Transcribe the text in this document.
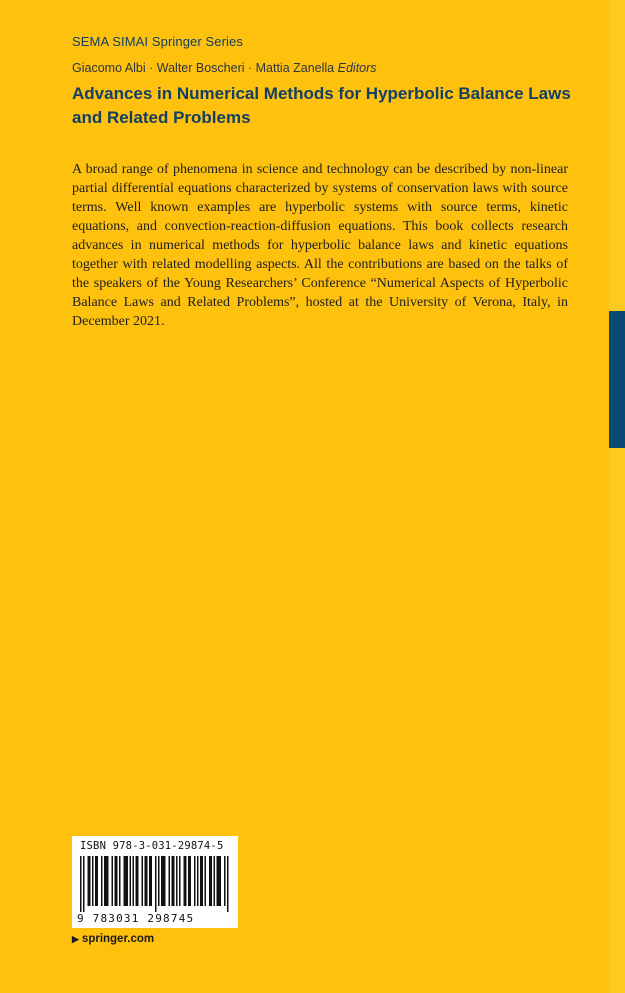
SEMA SIMAI Springer Series
Giacomo Albi · Walter Boscheri · Mattia Zanella Editors
Advances in Numerical Methods for Hyperbolic Balance Laws and Related Problems

A broad range of phenomena in science and technology can be described by non-linear partial differential equations characterized by systems of conservation laws with source terms. Well known examples are hyperbolic systems with source terms, kinetic equations, and convection-reaction-diffusion equations. This book collects research advances in numerical methods for hyperbolic balance laws and kinetic equations together with related modelling aspects. All the contributions are based on the talks of the speakers of the Young Researchers’ Conference “Numerical Aspects of Hyperbolic Balance Laws and Related Problems”, hosted at the University of Verona, Italy, in December 2021.

ISBN 978-3-031-29874-5
9 783031 298745
▶ springer.com
